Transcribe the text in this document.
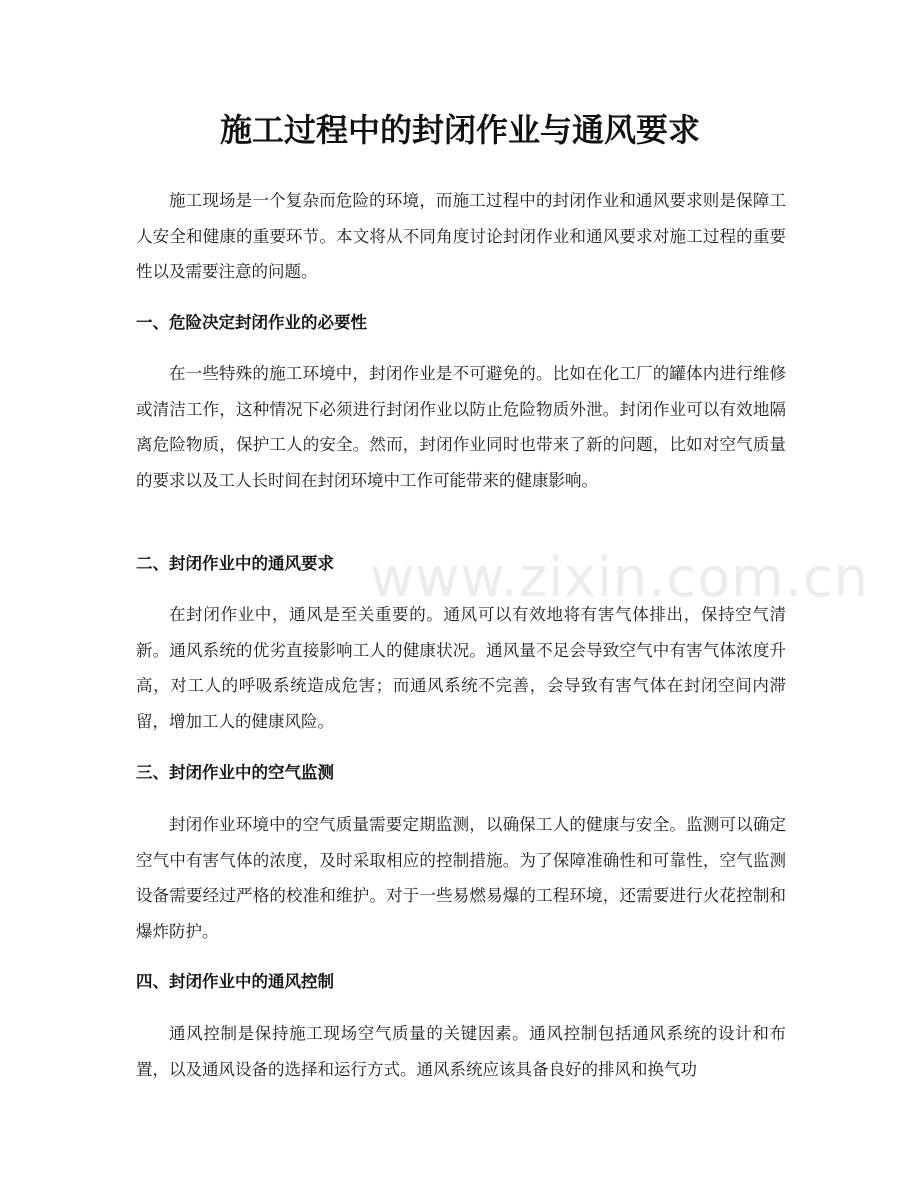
施工过程中的封闭作业与通风要求

施工现场是一个复杂而危险的环境，而施工过程中的封闭作业和通风要求则是保障工人安全和健康的重要环节。本文将从不同角度讨论封闭作业和通风要求对施工过程的重要性以及需要注意的问题。

一、危险决定封闭作业的必要性

在一些特殊的施工环境中，封闭作业是不可避免的。比如在化工厂的罐体内进行维修或清洁工作，这种情况下必须进行封闭作业以防止危险物质外泄。封闭作业可以有效地隔离危险物质，保护工人的安全。然而，封闭作业同时也带来了新的问题，比如对空气质量的要求以及工人长时间在封闭环境中工作可能带来的健康影响。

二、封闭作业中的通风要求

在封闭作业中，通风是至关重要的。通风可以有效地将有害气体排出，保持空气清新。通风系统的优劣直接影响工人的健康状况。通风量不足会导致空气中有害气体浓度升高，对工人的呼吸系统造成危害；而通风系统不完善，会导致有害气体在封闭空间内滞留，增加工人的健康风险。

三、封闭作业中的空气监测

封闭作业环境中的空气质量需要定期监测，以确保工人的健康与安全。监测可以确定空气中有害气体的浓度，及时采取相应的控制措施。为了保障准确性和可靠性，空气监测设备需要经过严格的校准和维护。对于一些易燃易爆的工程环境，还需要进行火花控制和爆炸防护。

四、封闭作业中的通风控制

通风控制是保持施工现场空气质量的关键因素。通风控制包括通风系统的设计和布置，以及通风设备的选择和运行方式。通风系统应该具备良好的排风和换气功

www.zixin.com.cn
